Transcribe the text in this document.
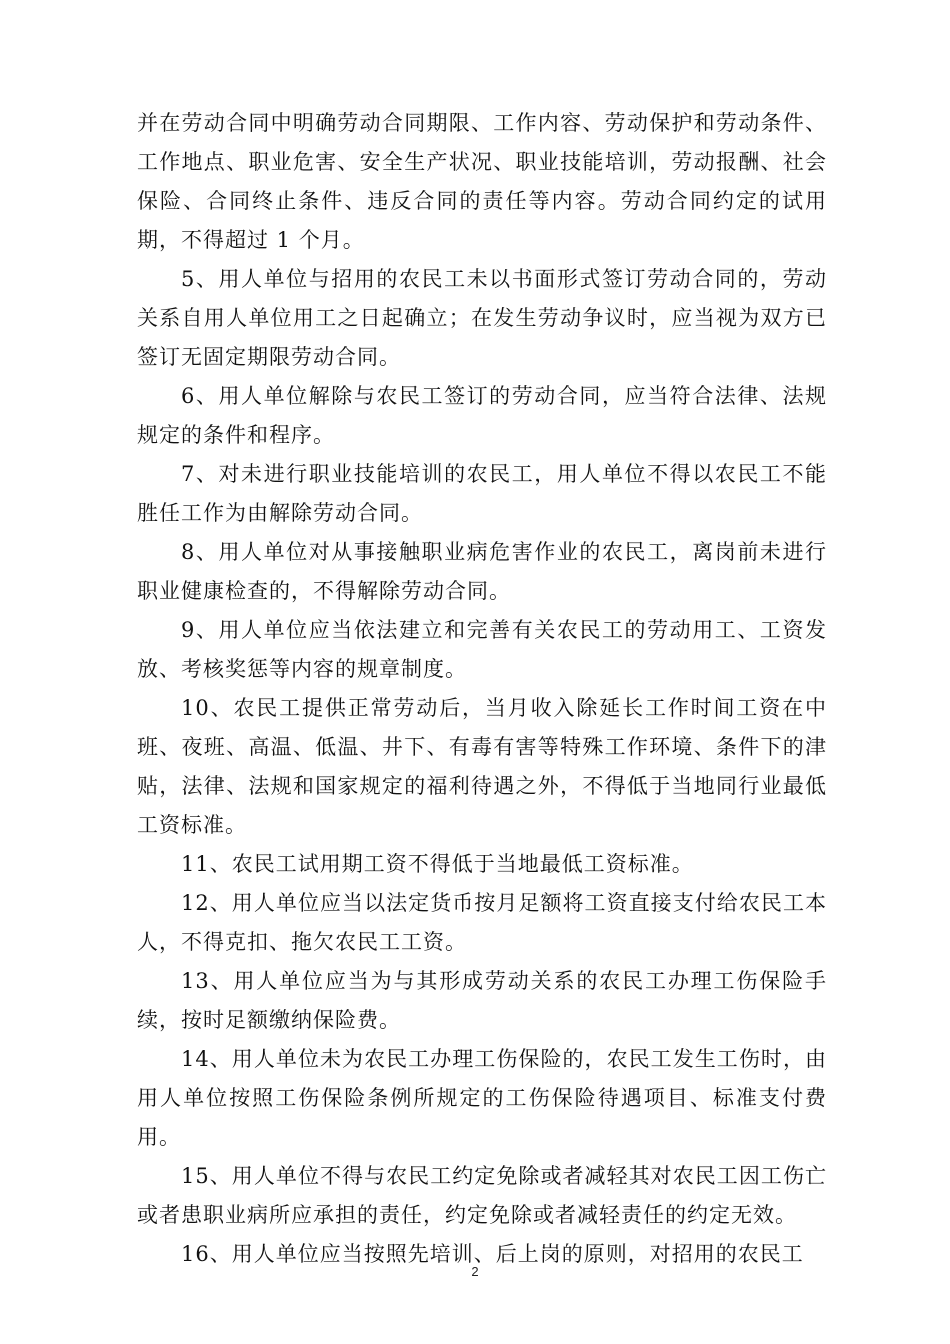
并在劳动合同中明确劳动合同期限、工作内容、劳动保护和劳动条件、工作地点、职业危害、安全生产状况、职业技能培训，劳动报酬、社会保险、合同终止条件、违反合同的责任等内容。劳动合同约定的试用期，不得超过 1 个月。

5、用人单位与招用的农民工未以书面形式签订劳动合同的，劳动关系自用人单位用工之日起确立；在发生劳动争议时，应当视为双方已签订无固定期限劳动合同。

6、用人单位解除与农民工签订的劳动合同，应当符合法律、法规规定的条件和程序。

7、对未进行职业技能培训的农民工，用人单位不得以农民工不能胜任工作为由解除劳动合同。

8、用人单位对从事接触职业病危害作业的农民工，离岗前未进行职业健康检查的，不得解除劳动合同。

9、用人单位应当依法建立和完善有关农民工的劳动用工、工资发放、考核奖惩等内容的规章制度。

10、农民工提供正常劳动后，当月收入除延长工作时间工资在中班、夜班、高温、低温、井下、有毒有害等特殊工作环境、条件下的津贴，法律、法规和国家规定的福利待遇之外，不得低于当地同行业最低工资标准。

11、农民工试用期工资不得低于当地最低工资标准。

12、用人单位应当以法定货币按月足额将工资直接支付给农民工本人，不得克扣、拖欠农民工工资。

13、用人单位应当为与其形成劳动关系的农民工办理工伤保险手续，按时足额缴纳保险费。

14、用人单位未为农民工办理工伤保险的，农民工发生工伤时，由用人单位按照工伤保险条例所规定的工伤保险待遇项目、标准支付费用。

15、用人单位不得与农民工约定免除或者减轻其对农民工因工伤亡或者患职业病所应承担的责任，约定免除或者减轻责任的约定无效。

16、用人单位应当按照先培训、后上岗的原则，对招用的农民工

2
